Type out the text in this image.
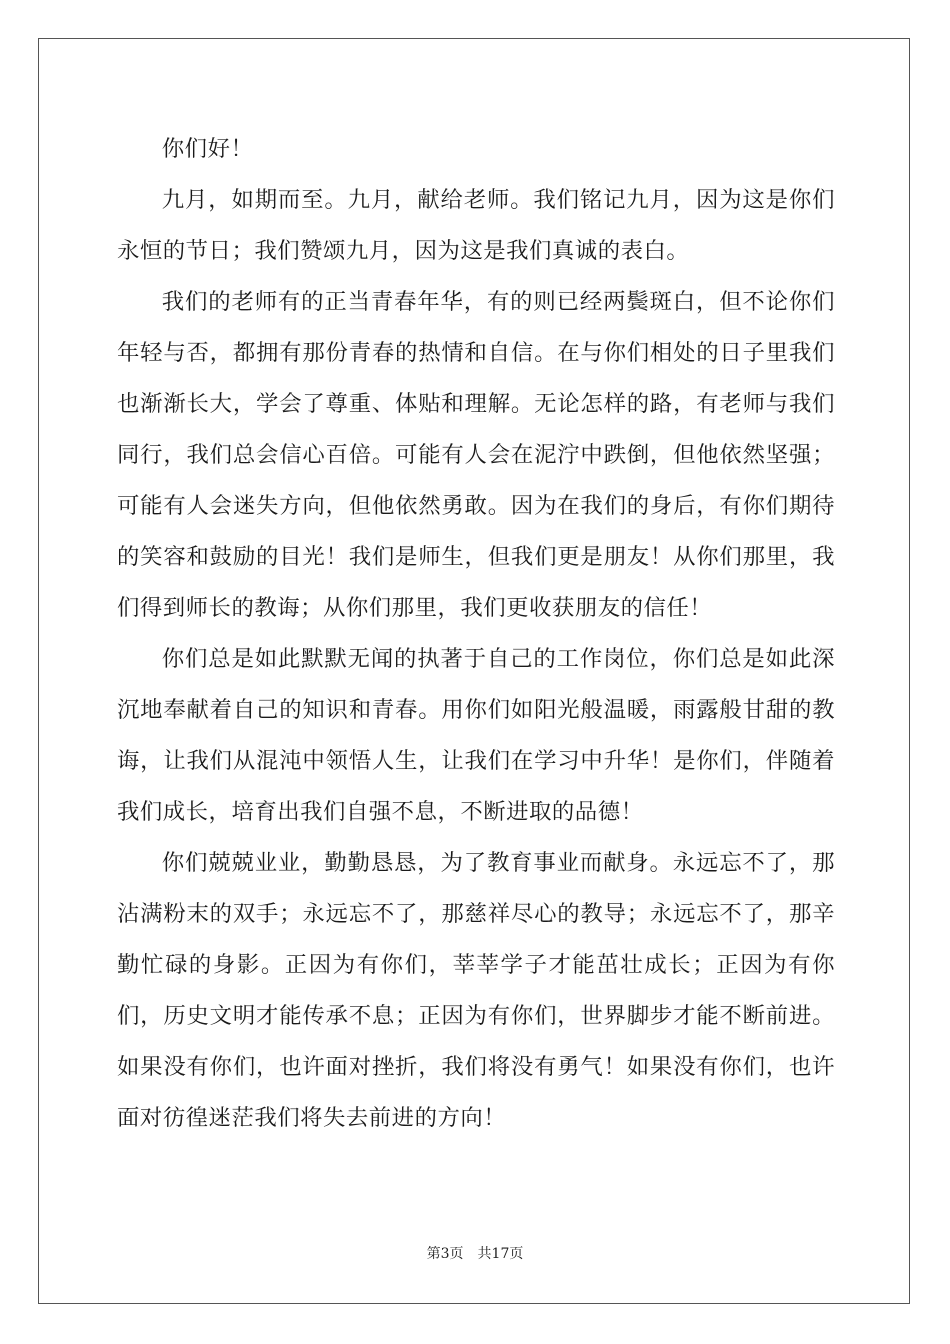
你们好！

九月，如期而至。九月，献给老师。我们铭记九月，因为这是你们永恒的节日；我们赞颂九月，因为这是我们真诚的表白。

我们的老师有的正当青春年华，有的则已经两鬓斑白，但不论你们年轻与否，都拥有那份青春的热情和自信。在与你们相处的日子里我们也渐渐长大，学会了尊重、体贴和理解。无论怎样的路，有老师与我们同行，我们总会信心百倍。可能有人会在泥泞中跌倒，但他依然坚强；可能有人会迷失方向，但他依然勇敢。因为在我们的身后，有你们期待的笑容和鼓励的目光！我们是师生，但我们更是朋友！从你们那里，我们得到师长的教诲；从你们那里，我们更收获朋友的信任！

你们总是如此默默无闻的执著于自己的工作岗位，你们总是如此深沉地奉献着自己的知识和青春。用你们如阳光般温暖，雨露般甘甜的教诲，让我们从混沌中领悟人生，让我们在学习中升华！是你们，伴随着我们成长，培育出我们自强不息，不断进取的品德！

你们兢兢业业，勤勤恳恳，为了教育事业而献身。永远忘不了，那沾满粉末的双手；永远忘不了，那慈祥尽心的教导；永远忘不了，那辛勤忙碌的身影。正因为有你们，莘莘学子才能茁壮成长；正因为有你们，历史文明才能传承不息；正因为有你们，世界脚步才能不断前进。如果没有你们，也许面对挫折，我们将没有勇气！如果没有你们，也许面对彷徨迷茫我们将失去前进的方向！

第3页 共17页
